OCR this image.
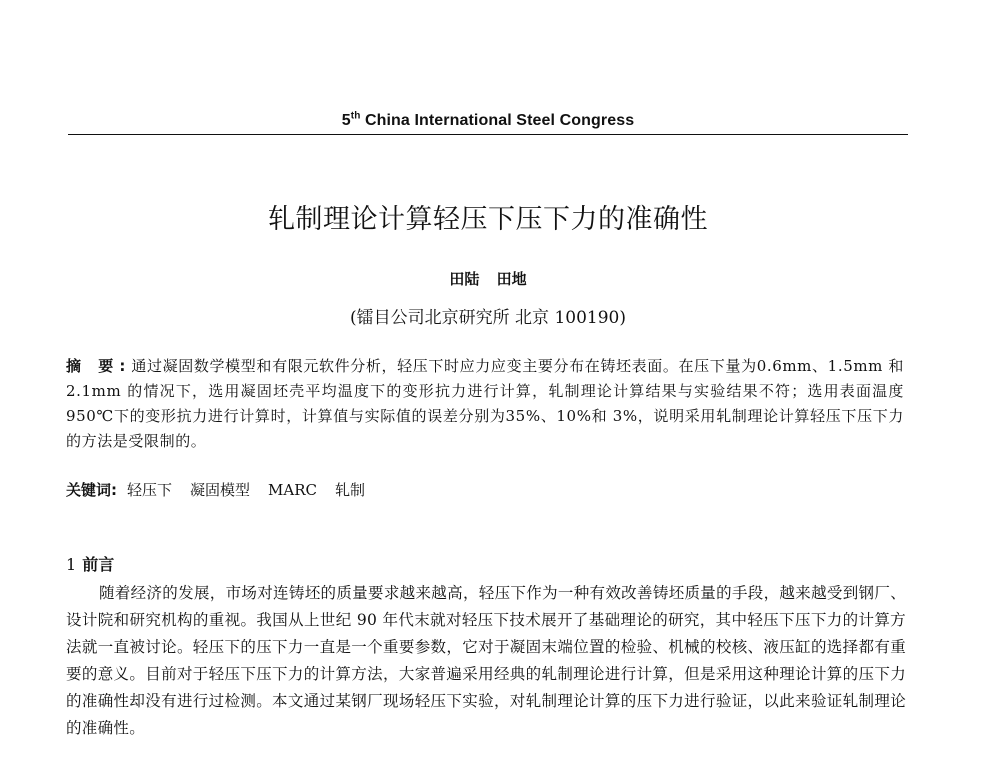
5th China International Steel Congress
轧制理论计算轻压下压下力的准确性
田陆 田地
(镭目公司北京研究所 北京 100190)
摘 要:通过凝固数学模型和有限元软件分析，轻压下时应力应变主要分布在铸坯表面。在压下量为0.6mm、1.5mm 和 2.1mm 的情况下，选用凝固坯壳平均温度下的变形抗力进行计算，轧制理论计算结果与实验结果不符；选用表面温度 950℃下的变形抗力进行计算时，计算值与实际值的误差分别为35%、10%和 3%，说明采用轧制理论计算轻压下压下力的方法是受限制的。
关键词: 轻压下 凝固模型 MARC 轧制
1 前言
随着经济的发展，市场对连铸坯的质量要求越来越高，轻压下作为一种有效改善铸坯质量的手段，越来越受到钢厂、设计院和研究机构的重视。我国从上世纪 90 年代末就对轻压下技术展开了基础理论的研究，其中轻压下压下力的计算方法就一直被讨论。轻压下的压下力一直是一个重要参数，它对于凝固末端位置的检验、机械的校核、液压缸的选择都有重要的意义。目前对于轻压下压下力的计算方法，大家普遍采用经典的轧制理论进行计算，但是采用这种理论计算的压下力的准确性却没有进行过检测。本文通过某钢厂现场轻压下实验，对轧制理论计算的压下力进行验证，以此来验证轧制理论的准确性。
